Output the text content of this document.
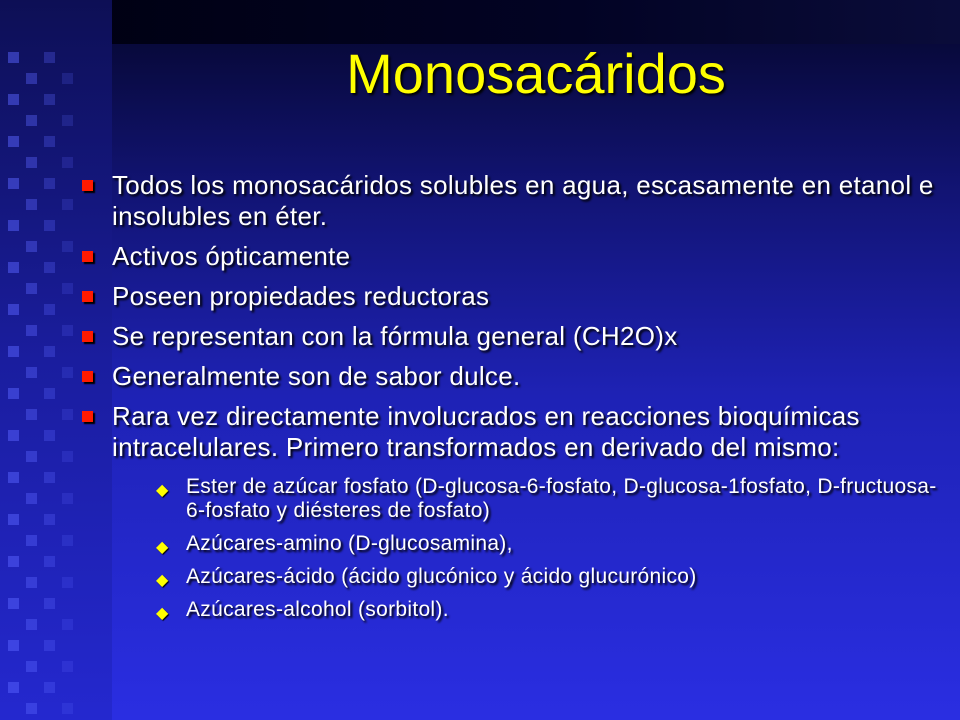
Monosacáridos
Todos los monosacáridos solubles en agua, escasamente en etanol e insolubles en éter.
Activos ópticamente
Poseen propiedades reductoras
Se representan con la fórmula general (CH2O)x
Generalmente son de sabor dulce.
Rara vez directamente involucrados en reacciones bioquímicas intracelulares. Primero transformados en derivado del mismo:
◆ Ester de azúcar fosfato (D-glucosa-6-fosfato, D-glucosa-1fosfato, D-fructuosa-6-fosfato y diésteres de fosfato)
◆ Azúcares-amino (D-glucosamina),
◆ Azúcares-ácido (ácido glucónico y ácido glucurónico)
◆ Azúcares-alcohol (sorbitol).
